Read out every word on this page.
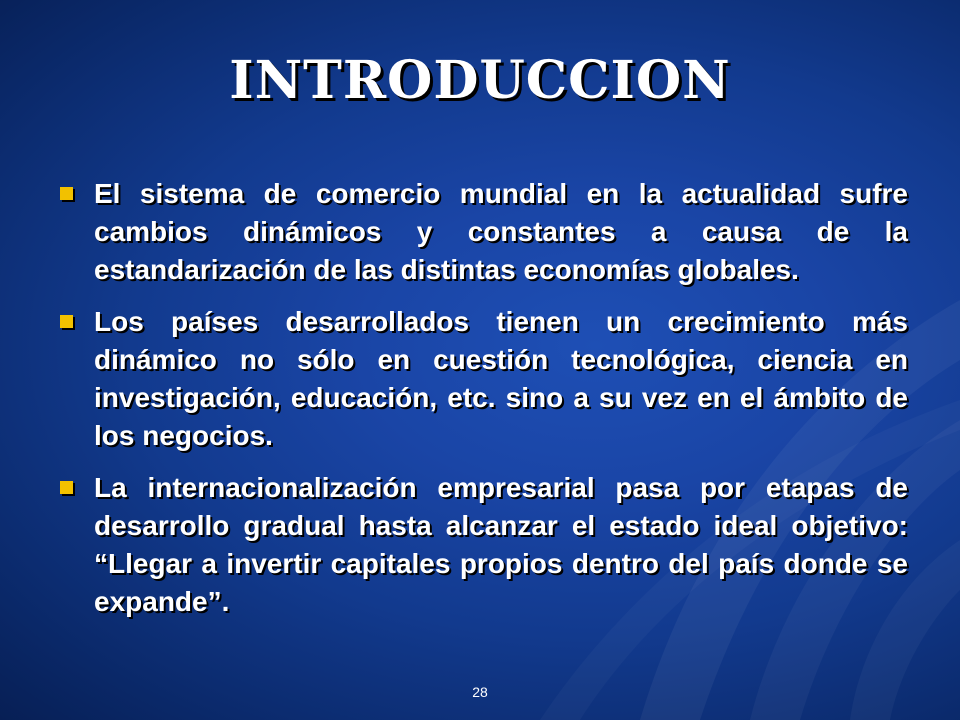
INTRODUCCION
El sistema de comercio mundial en la actualidad sufre cambios dinámicos y constantes a causa de la estandarización de las distintas economías globales.
Los países desarrollados tienen un crecimiento más dinámico no sólo en cuestión tecnológica, ciencia en investigación, educación, etc. sino a su vez en el ámbito de los negocios.
La internacionalización empresarial pasa por etapas de desarrollo gradual hasta alcanzar el estado ideal objetivo: “Llegar a invertir capitales propios dentro del país donde se expande”.
28
